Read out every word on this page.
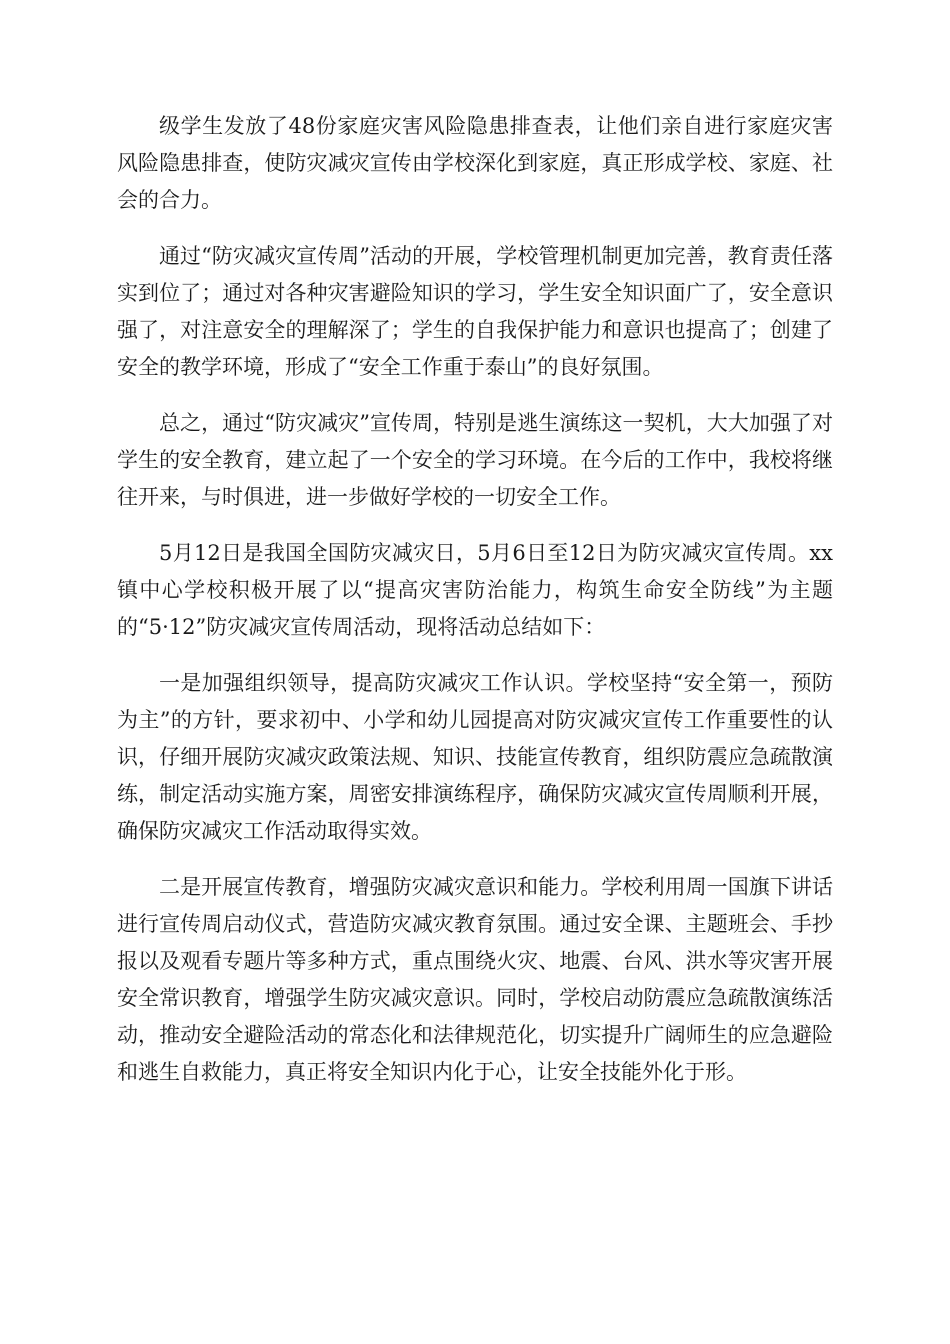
级学生发放了48份家庭灾害风险隐患排查表，让他们亲自进行家庭灾害风险隐患排查，使防灾减灾宣传由学校深化到家庭，真正形成学校、家庭、社会的合力。

通过“防灾减灾宣传周”活动的开展，学校管理机制更加完善，教育责任落实到位了；通过对各种灾害避险知识的学习，学生安全知识面广了，安全意识强了，对注意安全的理解深了；学生的自我保护能力和意识也提高了；创建了安全的教学环境，形成了“安全工作重于泰山”的良好氛围。

总之，通过“防灾减灾”宣传周，特别是逃生演练这一契机，大大加强了对学生的安全教育，建立起了一个安全的学习环境。在今后的工作中，我校将继往开来，与时俱进，进一步做好学校的一切安全工作。

5月12日是我国全国防灾减灾日，5月6日至12日为防灾减灾宣传周。xx镇中心学校积极开展了以“提高灾害防治能力，构筑生命安全防线”为主题的“5·12”防灾减灾宣传周活动，现将活动总结如下：

一是加强组织领导，提高防灾减灾工作认识。学校坚持“安全第一，预防为主”的方针，要求初中、小学和幼儿园提高对防灾减灾宣传工作重要性的认识，仔细开展防灾减灾政策法规、知识、技能宣传教育，组织防震应急疏散演练，制定活动实施方案，周密安排演练程序，确保防灾减灾宣传周顺利开展，确保防灾减灾工作活动取得实效。

二是开展宣传教育，增强防灾减灾意识和能力。学校利用周一国旗下讲话进行宣传周启动仪式，营造防灾减灾教育氛围。通过安全课、主题班会、手抄报以及观看专题片等多种方式，重点围绕火灾、地震、台风、洪水等灾害开展安全常识教育，增强学生防灾减灾意识。同时，学校启动防震应急疏散演练活动，推动安全避险活动的常态化和法律规范化，切实提升广阔师生的应急避险和逃生自救能力，真正将安全知识内化于心，让安全技能外化于形。
